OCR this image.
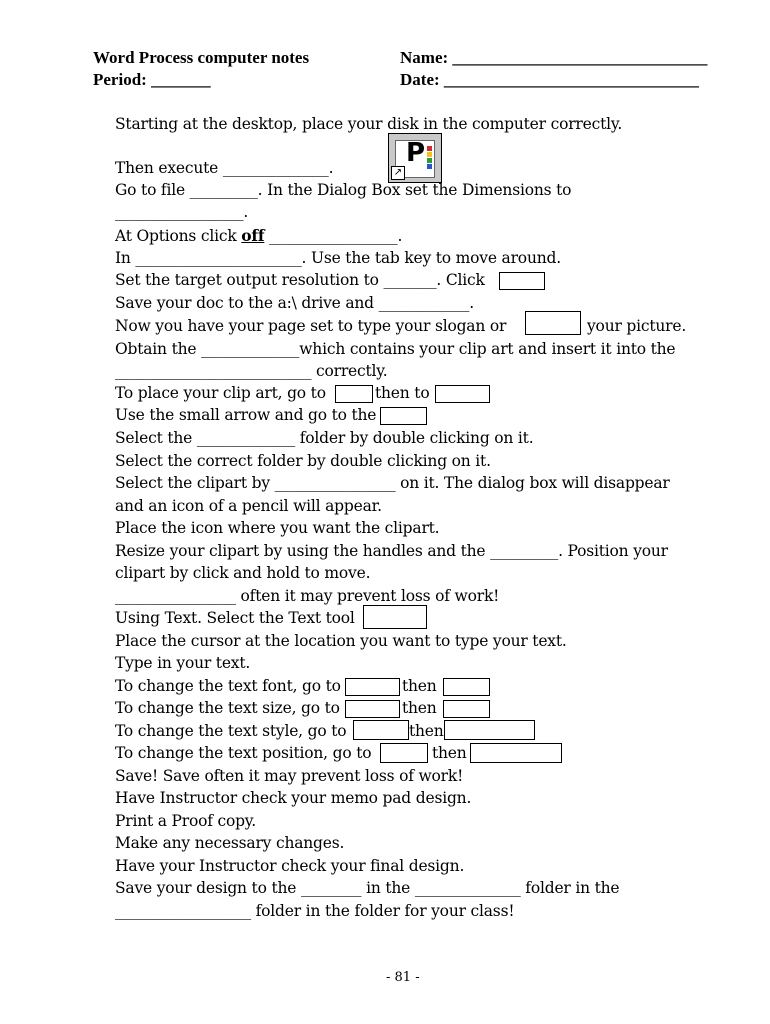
Word Process computer notes	Name: ______________________________
Period: _______	Date: ______________________________
Starting at the desktop, place your disk in the computer correctly.
P
↗
Then execute ______________.
Go to file _________. In the Dialog Box set the Dimensions to
_________________.
At Options click off _________________.
In ______________________. Use the tab key to move around.
Set the target output resolution to _______. Click
Save your doc to the a:\ drive and ____________.
Now you have your page set to type your slogan or	your picture.
Obtain the _____________which contains your clip art and insert it into the
__________________________ correctly.
To place your clip art, go to	then to
Use the small arrow and go to the
Select the _____________ folder by double clicking on it.
Select the correct folder by double clicking on it.
Select the clipart by ________________ on it. The dialog box will disappear
and an icon of a pencil will appear.
Place the icon where you want the clipart.
Resize your clipart by using the handles and the _________. Position your
clipart by click and hold to move.
________________ often it may prevent loss of work!
Using Text. Select the Text tool
Place the cursor at the location you want to type your text.
Type in your text.
To change the text font, go to	then
To change the text size, go to	then
To change the text style, go to	then
To change the text position, go to	then
Save! Save often it may prevent loss of work!
Have Instructor check your memo pad design.
Print a Proof copy.
Make any necessary changes.
Have your Instructor check your final design.
Save your design to the ________ in the ______________ folder in the
__________________ folder in the folder for your class!
- 81 -
